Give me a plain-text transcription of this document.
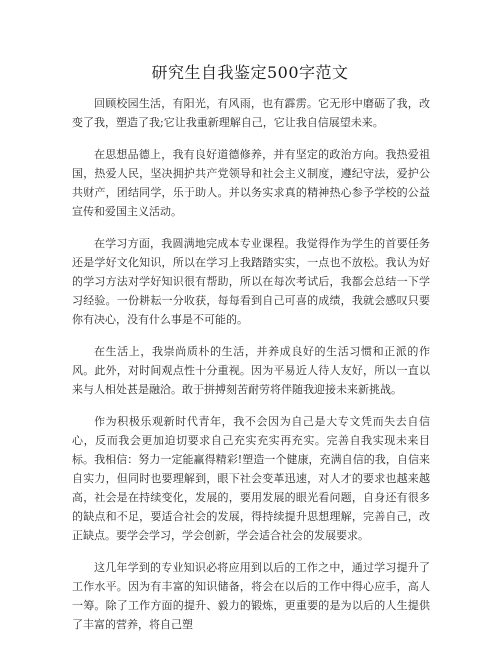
研究生自我鉴定500字范文

回顾校园生活，有阳光，有风雨，也有霹雳。它无形中磨砺了我，改变了我，塑造了我;它让我重新理解自己，它让我自信展望未来。

在思想品德上，我有良好道德修养，并有坚定的政治方向。我热爱祖国，热爱人民，坚决拥护共产党领导和社会主义制度，遵纪守法，爱护公共财产，团结同学，乐于助人。并以务实求真的精神热心参予学校的公益宣传和爱国主义活动。

在学习方面，我圆满地完成本专业课程。我觉得作为学生的首要任务还是学好文化知识，所以在学习上我踏踏实实，一点也不放松。我认为好的学习方法对学好知识很有帮助，所以在每次考试后，我都会总结一下学习经验。一份耕耘一分收获，每每看到自己可喜的成绩，我就会感叹只要你有决心，没有什么事是不可能的。

在生活上，我崇尚质朴的生活，并养成良好的生活习惯和正派的作风。此外，对时间观点性十分重视。因为平易近人待人友好，所以一直以来与人相处甚是融洽。敢于拼搏刻苦耐劳将伴随我迎接未来新挑战。

作为积极乐观新时代青年，我不会因为自己是大专文凭而失去自信心，反而我会更加迫切要求自己充实充实再充实。完善自我实现未来目标。我相信：努力一定能赢得精彩!塑造一个健康，充满自信的我，自信来自实力，但同时也要理解到，眼下社会变革迅速，对人才的要求也越来越高，社会是在持续变化，发展的，要用发展的眼光看问题，自身还有很多的缺点和不足，要适合社会的发展，得持续提升思想理解，完善自己，改正缺点。要学会学习，学会创新，学会适合社会的发展要求。

这几年学到的专业知识必将应用到以后的工作之中，通过学习提升了工作水平。因为有丰富的知识储备，将会在以后的工作中得心应手，高人一筹。除了工作方面的提升、毅力的锻炼，更重要的是为以后的人生提供了丰富的营养，将自己塑
